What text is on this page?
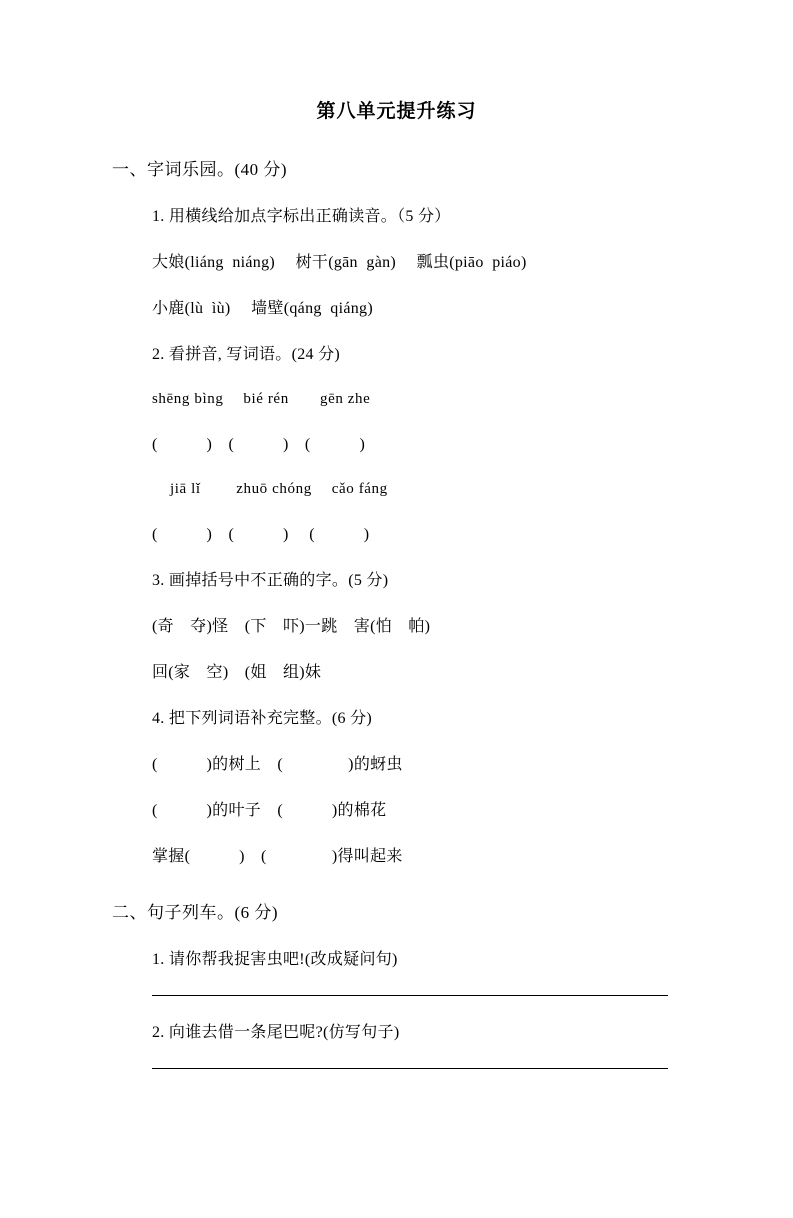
第八单元提升练习
一、字词乐园。(40 分)
1. 用横线给加点字标出正确读音。（5 分）
大娘(liáng  niáng)　 树干(gān  gàn)　 瓢虫(piāo  piáo)
小鹿(lù  ìù)　 墙壁(qáng  qiáng)
2. 看拼音, 写词语。(24 分)
shēng bìng　 bié rén　　gēn zhe
(　　　)　(　　　)　(　　　)
jiā lǐ　　 zhuō chóng　 cǎo fáng
(　　　)　(　　　)　 (　　　)
3. 画掉括号中不正确的字。(5 分)
(奇　夺)怪　(下　吓)一跳　害(怕　帕)
回(家　空)　(姐　组)妹
4. 把下列词语补充完整。(6 分)
(　　　)的树上　(　　　　)的蚜虫
(　　　)的叶子　(　　　)的棉花
掌握(　　　)　(　　　　)得叫起来
二、句子列车。(6 分)
1. 请你帮我捉害虫吧!(改成疑问句)
2. 向谁去借一条尾巴呢?(仿写句子)
